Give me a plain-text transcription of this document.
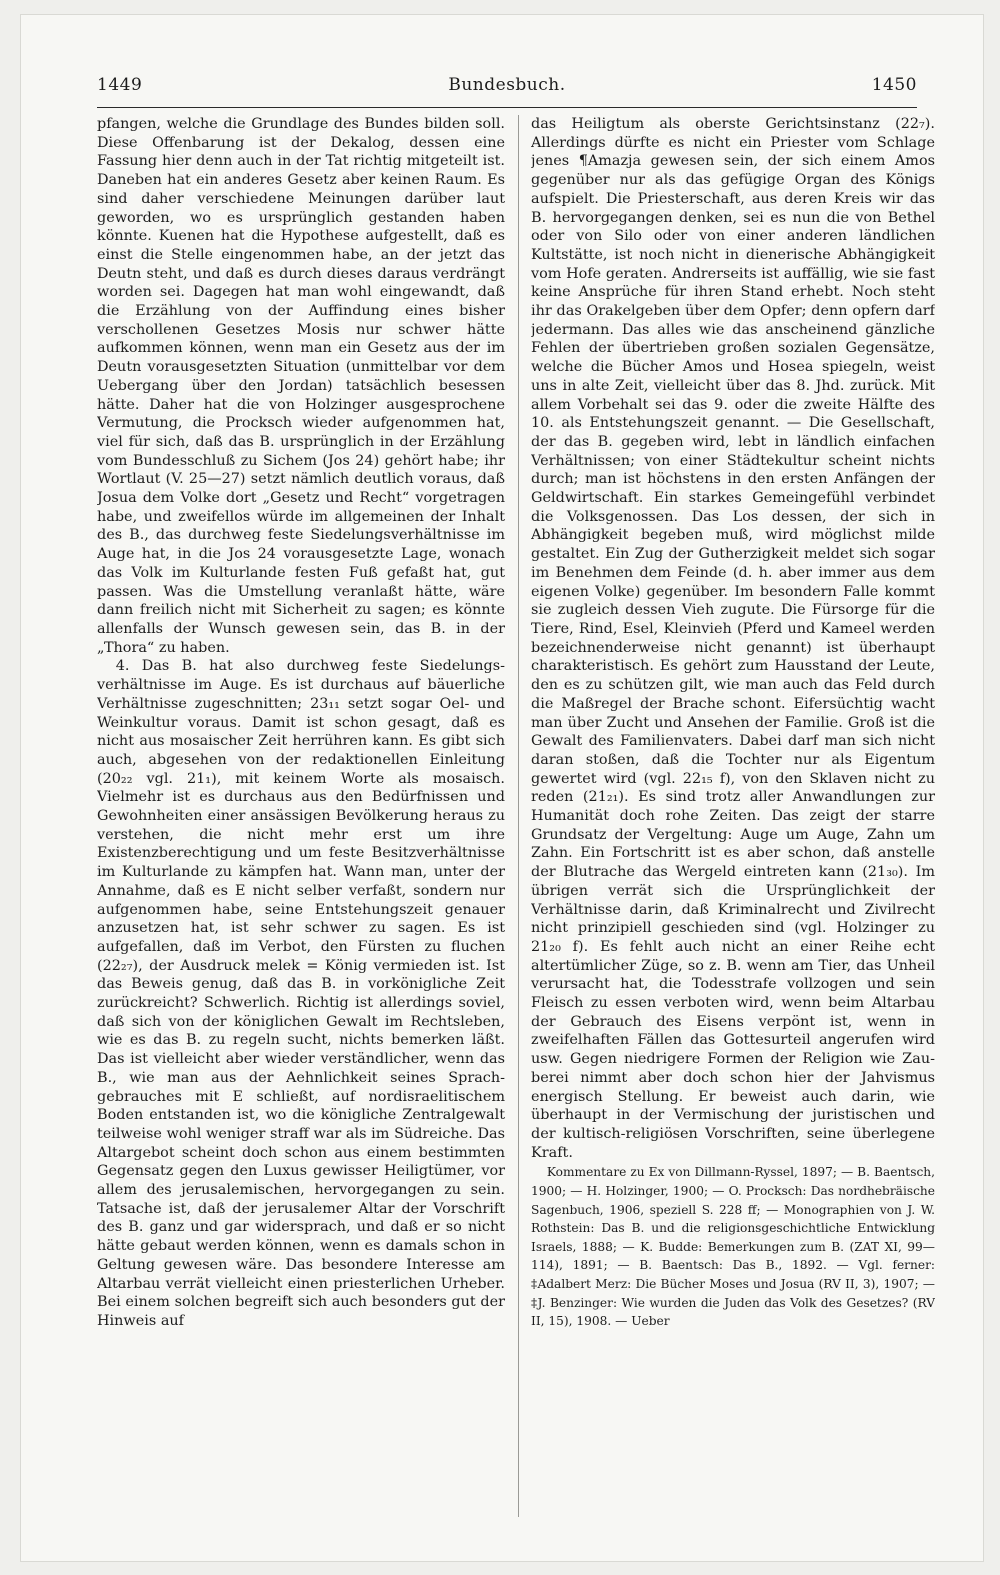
1449	Bundesbuch.	1450

pfangen, welche die Grundlage des Bundes bilden soll. Diese Offenbarung ist der Dekalog, dessen eine Fassung hier denn auch in der Tat richtig mitgeteilt ist. Daneben hat ein anderes Gesetz aber keinen Raum. Es sind daher verschiedene Meinungen darüber laut geworden, wo es ursprünglich gestanden haben könnte. Kuenen hat die Hypothese aufgestellt, daß es einst die Stelle eingenommen habe, an der jetzt das Deutn steht, und daß es durch dieses daraus verdrängt worden sei. Dagegen hat man wohl eingewandt, daß die Erzählung von der Auffindung eines bisher verschollenen Gesetzes Mosis nur schwer hätte aufkommen können, wenn man ein Gesetz aus der im Deutn vorausgesetzten Situation (unmittelbar vor dem Uebergang über den Jordan) tatsächlich besessen hätte. Daher hat die von Holzinger ausgesprochene Vermutung, die Procksch wieder aufgenommen hat, viel für sich, daß das B. ursprünglich in der Erzählung vom Bundesschluß zu Sichem (Jos 24) gehört habe; ihr Wortlaut (V. 25—27) setzt nämlich deutlich voraus, daß Josua dem Volke dort „Gesetz und Recht“ vorgetragen habe, und zweifellos würde im allgemeinen der Inhalt des B., das durchweg feste Siedelungsverhältnisse im Auge hat, in die Jos 24 vorausgesetzte Lage, wonach das Volk im Kulturlande festen Fuß gefaßt hat, gut passen. Was die Umstellung veranlaßt hätte, wäre dann freilich nicht mit Sicherheit zu sagen; es könnte allenfalls der Wunsch gewesen sein, das B. in der „Thora“ zu haben.

4. Das B. hat also durchweg feste Siedelungsverhältnisse im Auge. Es ist durchaus auf bäuerliche Verhältnisse zugeschnitten; 23₁₁ setzt sogar Oel- und Weinkultur voraus. Damit ist schon gesagt, daß es nicht aus mosaischer Zeit herrühren kann. Es gibt sich auch, abgesehen von der redaktionellen Einleitung (20₂₂ vgl. 21₁), mit keinem Worte als mosaisch. Vielmehr ist es durchaus aus den Bedürfnissen und Gewohnheiten einer ansässigen Bevölkerung heraus zu verstehen, die nicht mehr erst um ihre Existenzberechtigung und um feste Besitzverhältnisse im Kulturlande zu kämpfen hat. Wann man, unter der Annahme, daß es E nicht selber verfaßt, sondern nur aufgenommen habe, seine Entstehungszeit genauer anzusetzen hat, ist sehr schwer zu sagen. Es ist aufgefallen, daß im Verbot, den Fürsten zu fluchen (22₂₇), der Ausdruck melek = König vermieden ist. Ist das Beweis genug, daß das B. in vorkönigliche Zeit zurückreicht? Schwerlich. Richtig ist allerdings soviel, daß sich von der königlichen Gewalt im Rechtsleben, wie es das B. zu regeln sucht, nichts bemerken läßt. Das ist vielleicht aber wieder verständlicher, wenn das B., wie man aus der Aehnlichkeit seines Sprachgebrauches mit E schließt, auf nordisraelitischem Boden entstanden ist, wo die königliche Zentralgewalt teilweise wohl weniger straff war als im Südreiche. Das Altargebot scheint doch schon aus einem bestimmten Gegensatz gegen den Luxus gewisser Heiligtümer, vor allem des jerusalemischen, hervorgegangen zu sein. Tatsache ist, daß der jerusalemer Altar der Vorschrift des B. ganz und gar widersprach, und daß er so nicht hätte gebaut werden können, wenn es damals schon in Geltung gewesen wäre. Das besondere Interesse am Altarbau verrät vielleicht einen priesterlichen Urheber. Bei einem solchen begreift sich auch besonders gut der Hinweis auf

das Heiligtum als oberste Gerichtsinstanz (22₇). Allerdings dürfte es nicht ein Priester vom Schlage jenes ¶Amazja gewesen sein, der sich einem Amos gegenüber nur als das gefügige Organ des Königs aufspielt. Die Priesterschaft, aus deren Kreis wir das B. hervorgegangen denken, sei es nun die von Bethel oder von Silo oder von einer anderen ländlichen Kultstätte, ist noch nicht in dienerische Abhängigkeit vom Hofe geraten. Andrerseits ist auffällig, wie sie fast keine Ansprüche für ihren Stand erhebt. Noch steht ihr das Orakelgeben über dem Opfer; denn opfern darf jedermann. Das alles wie das anscheinend gänzliche Fehlen der übertrieben großen sozialen Gegensätze, welche die Bücher Amos und Hosea spiegeln, weist uns in alte Zeit, vielleicht über das 8. Jhd. zurück. Mit allem Vorbehalt sei das 9. oder die zweite Hälfte des 10. als Entstehungszeit genannt. — Die Gesellschaft, der das B. gegeben wird, lebt in ländlich einfachen Verhältnissen; von einer Städtekultur scheint nichts durch; man ist höchstens in den ersten Anfängen der Geldwirtschaft. Ein starkes Gemeingefühl verbindet die Volksgenossen. Das Los dessen, der sich in Abhängigkeit begeben muß, wird möglichst milde gestaltet. Ein Zug der Gutherzigkeit meldet sich sogar im Benehmen dem Feinde (d. h. aber immer aus dem eigenen Volke) gegenüber. Im besondern Falle kommt sie zugleich dessen Vieh zugute. Die Fürsorge für die Tiere, Rind, Esel, Kleinvieh (Pferd und Kameel werden bezeichnenderweise nicht genannt) ist überhaupt charakteristisch. Es gehört zum Hausstand der Leute, den es zu schützen gilt, wie man auch das Feld durch die Maßregel der Brache schont. Eifersüchtig wacht man über Zucht und Ansehen der Familie. Groß ist die Gewalt des Familienvaters. Dabei darf man sich nicht daran stoßen, daß die Tochter nur als Eigentum gewertet wird (vgl. 22₁₅ f), von den Sklaven nicht zu reden (21₂₁). Es sind trotz aller Anwandlungen zur Humanität doch rohe Zeiten. Das zeigt der starre Grundsatz der Vergeltung: Auge um Auge, Zahn um Zahn. Ein Fortschritt ist es aber schon, daß anstelle der Blutrache das Wergeld eintreten kann (21₃₀). Im übrigen verrät sich die Ursprünglichkeit der Verhältnisse darin, daß Kriminalrecht und Zivilrecht nicht prinzipiell geschieden sind (vgl. Holzinger zu 21₂₀ f). Es fehlt auch nicht an einer Reihe echt altertümlicher Züge, so z. B. wenn am Tier, das Unheil verursacht hat, die Todesstrafe vollzogen und sein Fleisch zu essen verboten wird, wenn beim Altarbau der Gebrauch des Eisens verpönt ist, wenn in zweifelhaften Fällen das Gottesurteil angerufen wird usw. Gegen niedrigere Formen der Religion wie Zauberei nimmt aber doch schon hier der Jahvismus energisch Stellung. Er beweist auch darin, wie überhaupt in der Vermischung der juristischen und der kultisch-religiösen Vorschriften, seine überlegene Kraft.

Kommentare zu Ex von Dillmann-Ryssel, 1897; — B. Baentsch, 1900; — H. Holzinger, 1900; — O. Procksch: Das nordhebräische Sagenbuch, 1906, speziell S. 228 ff; — Monographien von J. W. Rothstein: Das B. und die religionsgeschichtliche Entwicklung Israels, 1888; — K. Budde: Bemerkungen zum B. (ZAT XI, 99—114), 1891; — B. Baentsch: Das B., 1892. — Vgl. ferner: ‡Adalbert Merz: Die Bücher Moses und Josua (RV II, 3), 1907; — ‡J. Benzinger: Wie wurden die Juden das Volk des Gesetzes? (RV II, 15), 1908. — Ueber
